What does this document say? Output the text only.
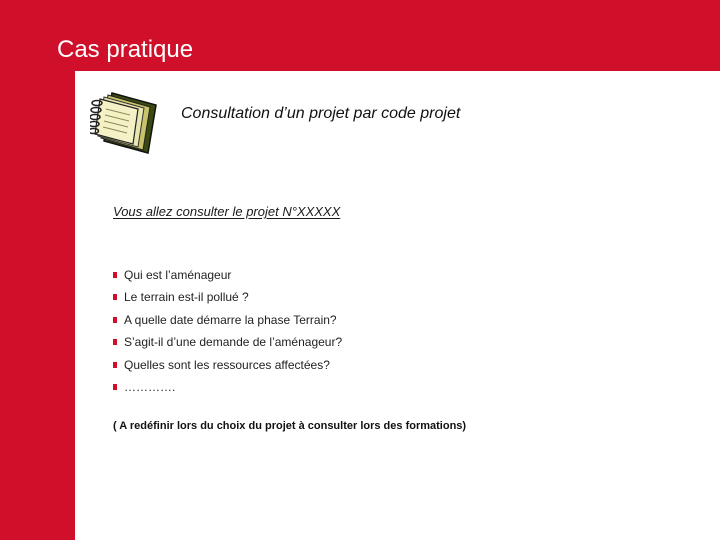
Cas pratique
Consultation d’un projet par code projet
Vous allez consulter le projet N°XXXXX
Qui est l’aménageur
Le terrain est-il pollué ?
A quelle date démarre la phase Terrain?
S’agit-il d’une demande de l’aménageur?
Quelles sont les ressources affectées?
………….
( A redéfinir lors du choix du projet à consulter lors des formations)
